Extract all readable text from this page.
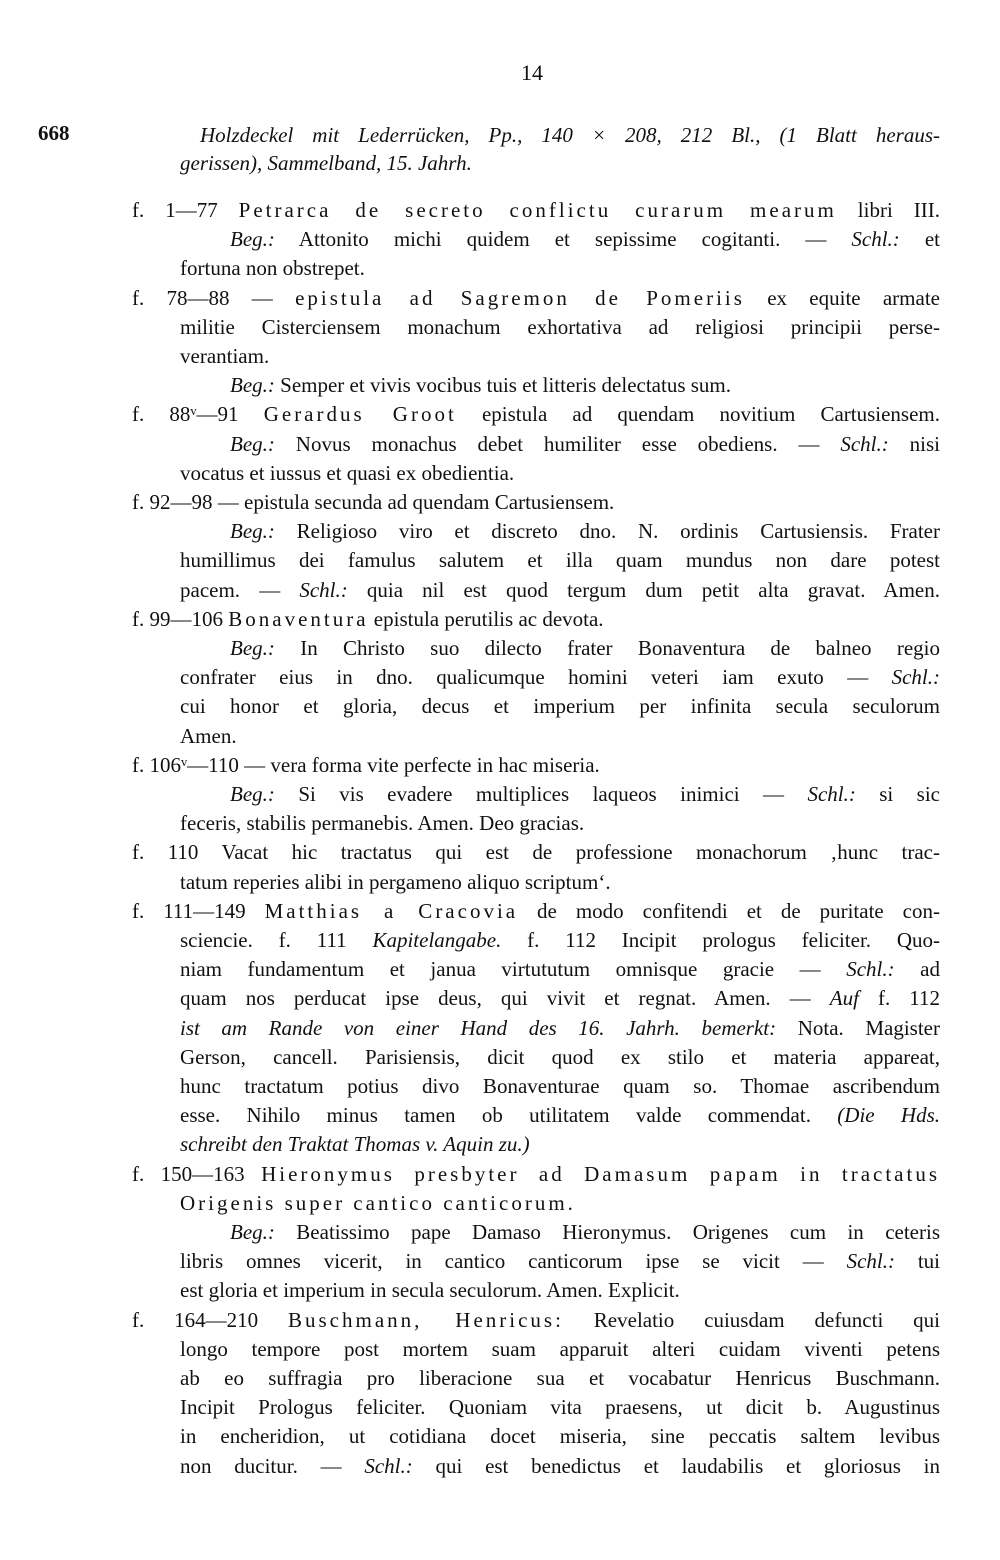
14
668	Holzdeckel mit Lederrücken, Pp., 140 × 208, 212 Bl., (1 Blatt heraus-
gerissen), Sammelband, 15. Jahrh.
f. 1—77 Petrarca de secreto conflictu curarum mearum libri III.
Beg.: Attonito michi quidem et sepissime cogitanti. — Schl.: et
fortuna non obstrepet.
f. 78—88 — epistula ad Sagremon de Pomeriis ex equite armate
militie Cisterciensem monachum exhortativa ad religiosi principii perse-
verantiam.
Beg.: Semper et vivis vocibus tuis et litteris delectatus sum.
f. 88ᵛ—91 Gerardus Groot epistula ad quendam novitium Cartusiensem.
Beg.: Novus monachus debet humiliter esse obediens. — Schl.: nisi
vocatus et iussus et quasi ex obedientia.
f. 92—98 — epistula secunda ad quendam Cartusiensem.
Beg.: Religioso viro et discreto dno. N. ordinis Cartusiensis. Frater
humillimus dei famulus salutem et illa quam mundus non dare potest
pacem. — Schl.: quia nil est quod tergum dum petit alta gravat. Amen.
f. 99—106 Bonaventura epistula perutilis ac devota.
Beg.: In Christo suo dilecto frater Bonaventura de balneo regio
confrater eius in dno. qualicumque homini veteri iam exuto — Schl.:
cui honor et gloria, decus et imperium per infinita secula seculorum
Amen.
f. 106ᵛ—110 — vera forma vite perfecte in hac miseria.
Beg.: Si vis evadere multiplices laqueos inimici — Schl.: si sic
feceris, stabilis permanebis. Amen. Deo gracias.
f. 110 Vacat hic tractatus qui est de professione monachorum ‚hunc trac-
tatum reperies alibi in pergameno aliquo scriptum‘.
f. 111—149 Matthias a Cracovia de modo confitendi et de puritate con-
sciencie. f. 111 Kapitelangabe. f. 112 Incipit prologus feliciter. Quo-
niam fundamentum et janua virtututum omnisque gracie — Schl.: ad
quam nos perducat ipse deus, qui vivit et regnat. Amen. — Auf f. 112
ist am Rande von einer Hand des 16. Jahrh. bemerkt: Nota. Magister
Gerson, cancell. Parisiensis, dicit quod ex stilo et materia appareat,
hunc tractatum potius divo Bonaventurae quam so. Thomae ascribendum
esse. Nihilo minus tamen ob utilitatem valde commendat. (Die Hds.
schreibt den Traktat Thomas v. Aquin zu.)
f. 150—163 Hieronymus presbyter ad Damasum papam in tractatus
Origenis super cantico canticorum.
Beg.: Beatissimo pape Damaso Hieronymus. Origenes cum in ceteris
libris omnes vicerit, in cantico canticorum ipse se vicit — Schl.: tui
est gloria et imperium in secula seculorum. Amen. Explicit.
f. 164—210 Buschmann, Henricus: Revelatio cuiusdam defuncti qui
longo tempore post mortem suam apparuit alteri cuidam viventi petens
ab eo suffragia pro liberacione sua et vocabatur Henricus Buschmann.
Incipit Prologus feliciter. Quoniam vita praesens, ut dicit b. Augustinus
in encheridion, ut cotidiana docet miseria, sine peccatis saltem levibus
non ducitur. — Schl.: qui est benedictus et laudabilis et gloriosus in
